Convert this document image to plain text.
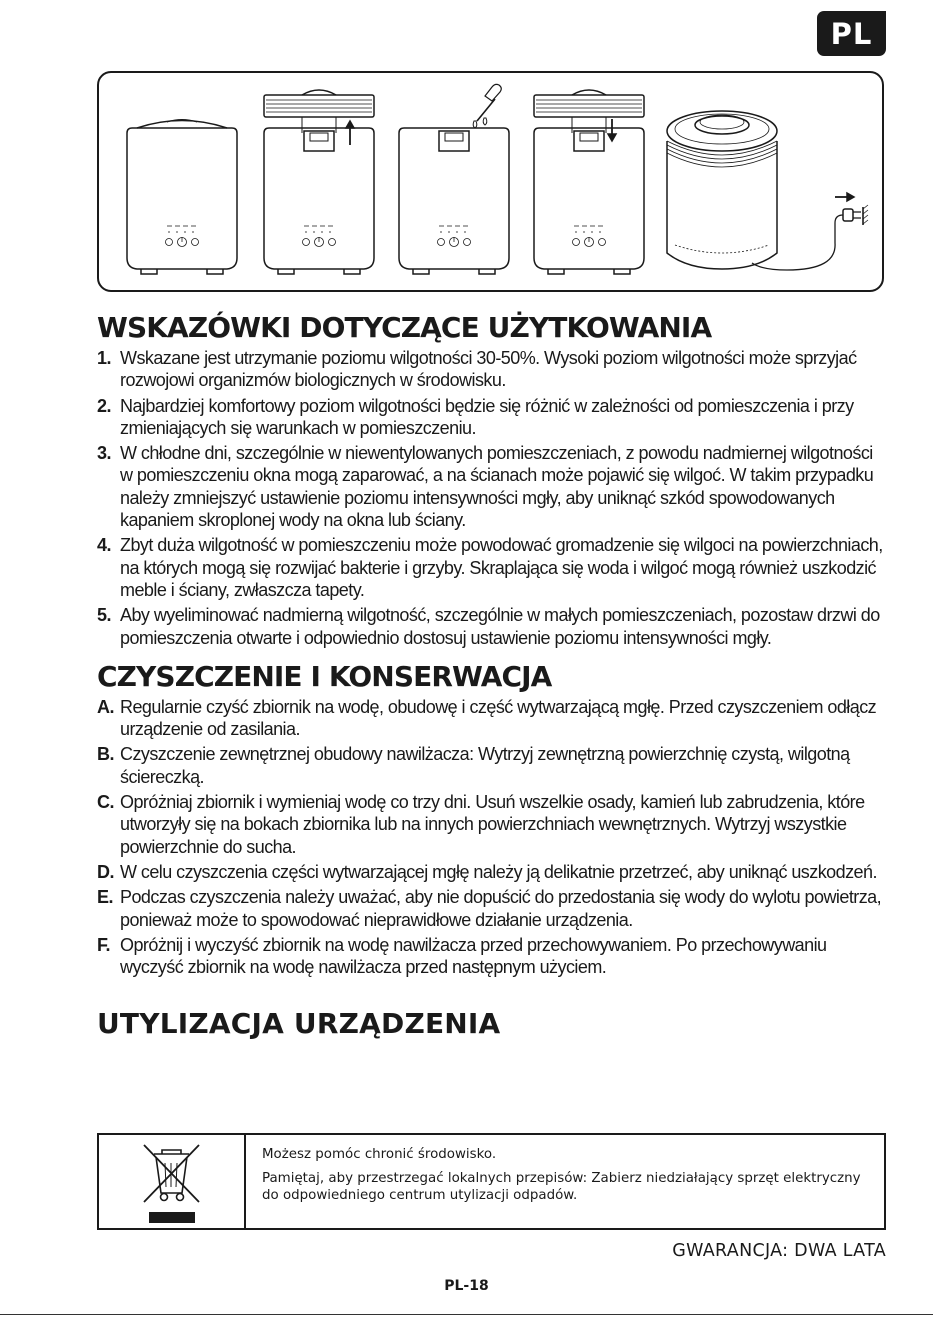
PL
WSKAZÓWKI DOTYCZĄCE UŻYTKOWANIA
1. Wskazane jest utrzymanie poziomu wilgotności 30-50%. Wysoki poziom wilgotności może sprzyjać rozwojowi organizmów biologicznych w środowisku.
2. Najbardziej komfortowy poziom wilgotności będzie się różnić w zależności od pomieszczenia i przy zmieniających się warunkach w pomieszczeniu.
3. W chłodne dni, szczególnie w niewentylowanych pomieszczeniach, z powodu nadmiernej wilgotności w pomieszczeniu okna mogą zaparować, a na ścianach może pojawić się wilgoć. W takim przypadku należy zmniejszyć ustawienie poziomu intensywności mgły, aby uniknąć szkód spowodowanych kapaniem skroplonej wody na okna lub ściany.
4. Zbyt duża wilgotność w pomieszczeniu może powodować gromadzenie się wilgoci na powierzchniach, na których mogą się rozwijać bakterie i grzyby. Skraplająca się woda i wilgoć mogą również uszkodzić meble i ściany, zwłaszcza tapety.
5. Aby wyeliminować nadmierną wilgotność, szczególnie w małych pomieszczeniach, pozostaw drzwi do pomieszczenia otwarte i odpowiednio dostosuj ustawienie poziomu intensywności mgły.
CZYSZCZENIE I KONSERWACJA
A. Regularnie czyść zbiornik na wodę, obudowę i część wytwarzającą mgłę. Przed czyszczeniem odłącz urządzenie od zasilania.
B. Czyszczenie zewnętrznej obudowy nawilżacza: Wytrzyj zewnętrzną powierzchnię czystą, wilgotną ściereczką.
C. Opróżniaj zbiornik i wymieniaj wodę co trzy dni. Usuń wszelkie osady, kamień lub zabrudzenia, które utworzyły się na bokach zbiornika lub na innych powierzchniach wewnętrznych. Wytrzyj wszystkie powierzchnie do sucha.
D. W celu czyszczenia części wytwarzającej mgłę należy ją delikatnie przetrzeć, aby uniknąć uszkodzeń.
E. Podczas czyszczenia należy uważać, aby nie dopuścić do przedostania się wody do wylotu powietrza, ponieważ może to spowodować nieprawidłowe działanie urządzenia.
F. Opróżnij i wyczyść zbiornik na wodę nawilżacza przed przechowywaniem. Po przechowywaniu wyczyść zbiornik na wodę nawilżacza przed następnym użyciem.
UTYLIZACJA URZĄDZENIA

Możesz pomóc chronić środowisko.

Pamiętaj, aby przestrzegać lokalnych przepisów: Zabierz niedziałający sprzęt elektryczny do odpowiedniego centrum utylizacji odpadów.

GWARANCJA: DWA LATA
PL-18
